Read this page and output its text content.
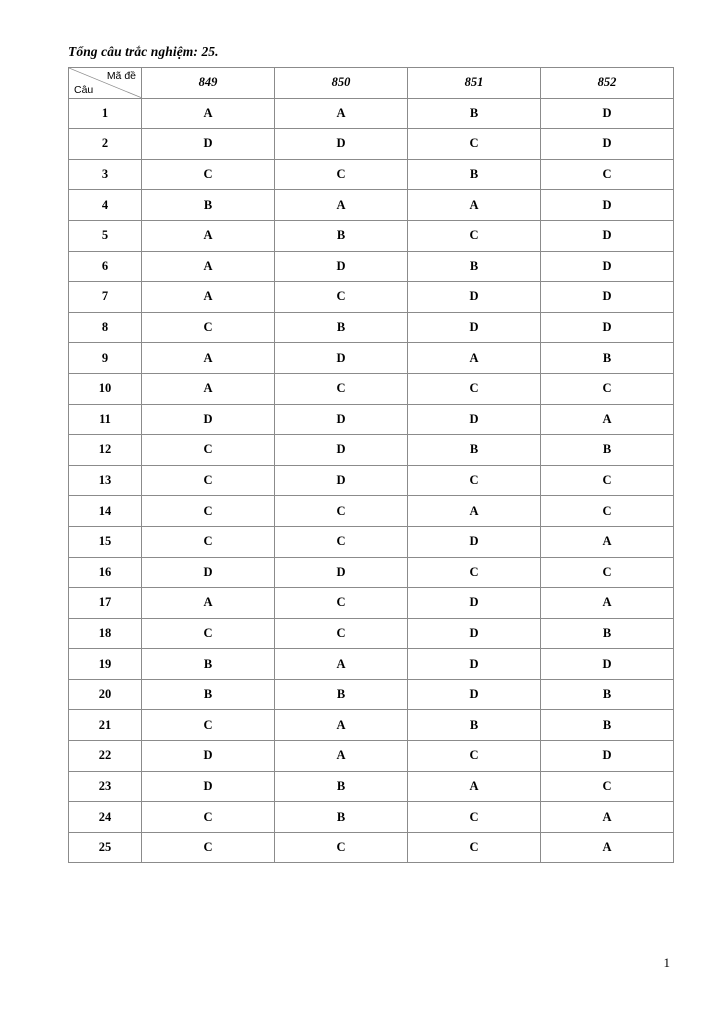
Tổng câu trắc nghiệm: 25.

Mã đề
Câu	849	850	851	852
1	A	A	B	D
2	D	D	C	D
3	C	C	B	C
4	B	A	A	D
5	A	B	C	D
6	A	D	B	D
7	A	C	D	D
8	C	B	D	D
9	A	D	A	B
10	A	C	C	C
11	D	D	D	A
12	C	D	B	B
13	C	D	C	C
14	C	C	A	C
15	C	C	D	A
16	D	D	C	C
17	A	C	D	A
18	C	C	D	B
19	B	A	D	D
20	B	B	D	B
21	C	A	B	B
22	D	A	C	D
23	D	B	A	C
24	C	B	C	A
25	C	C	C	A
1
